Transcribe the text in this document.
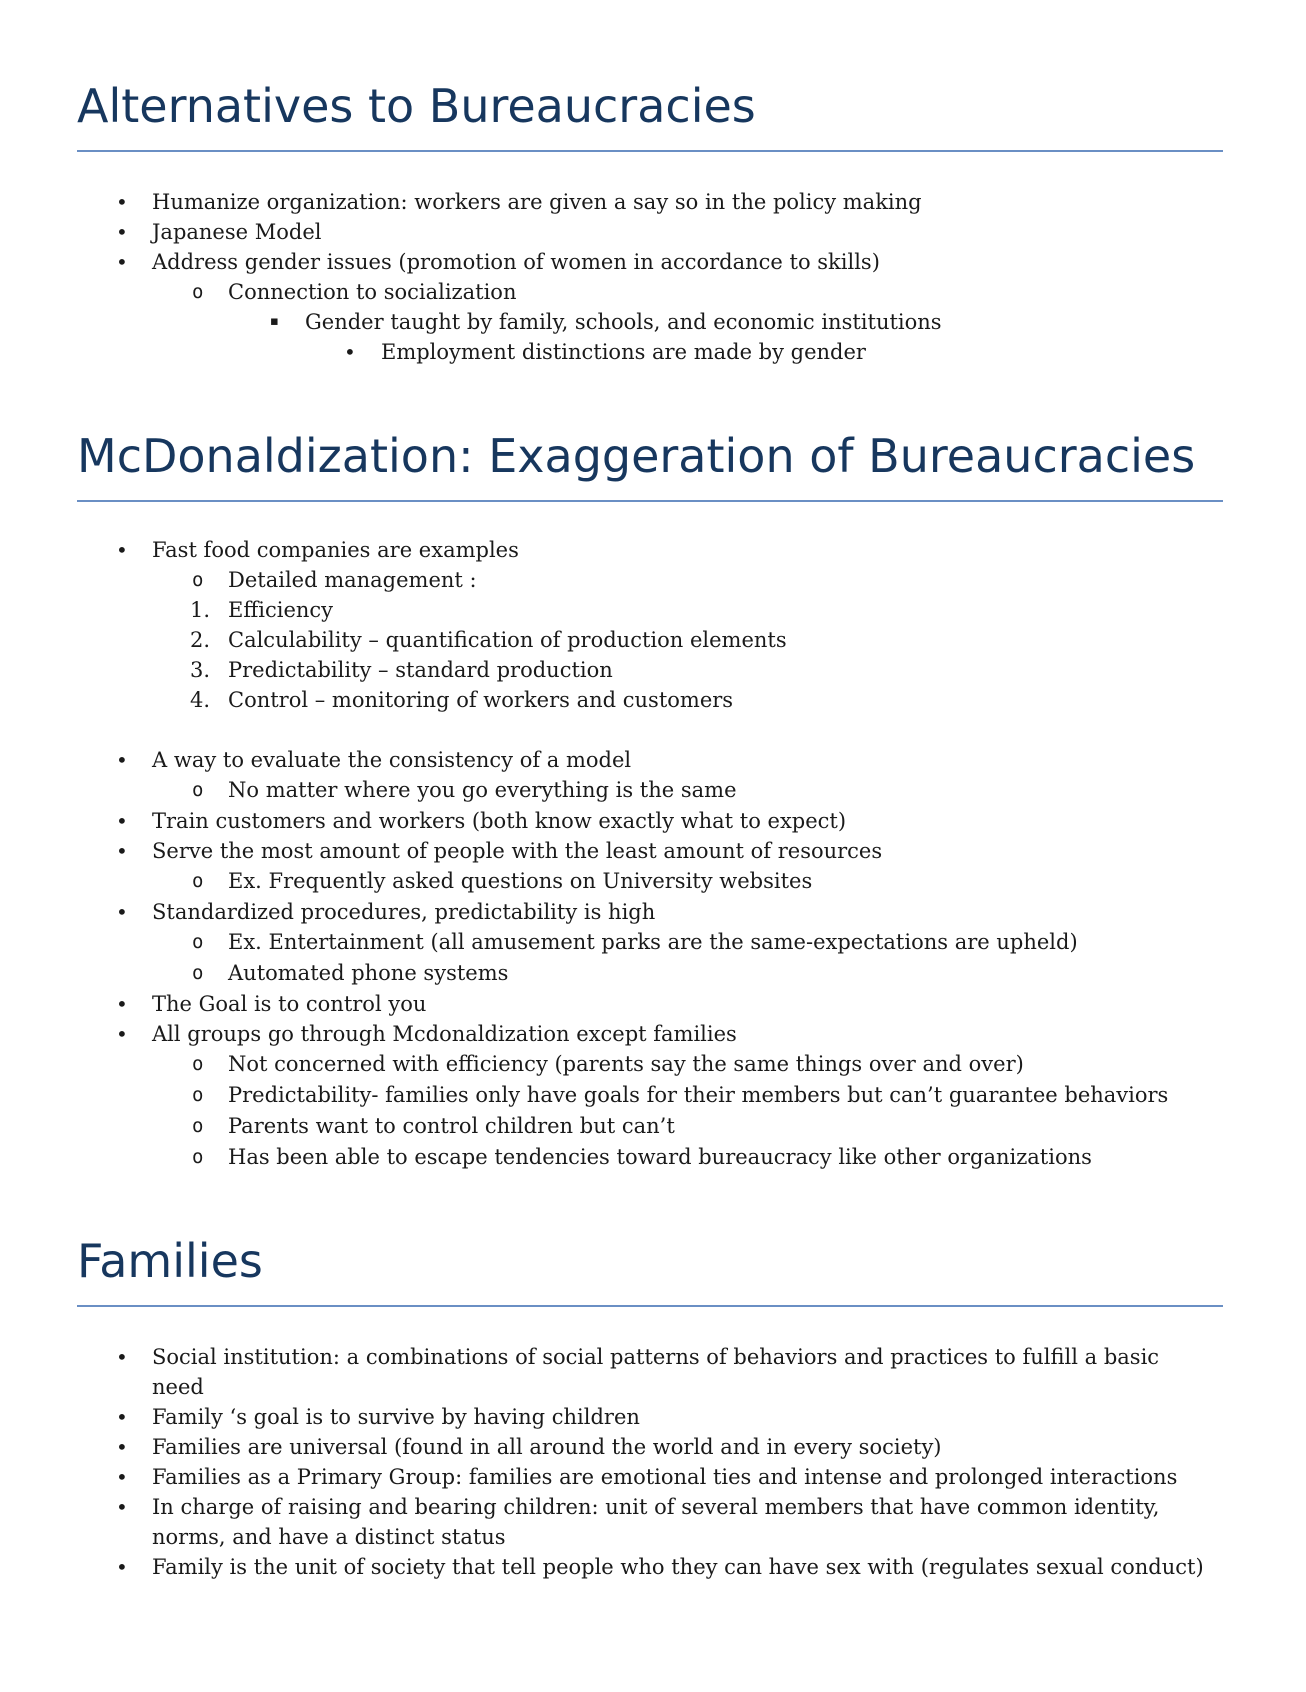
Alternatives to Bureaucracies
• Humanize organization: workers are given a say so in the policy making
• Japanese Model
• Address gender issues (promotion of women in accordance to skills)
o Connection to socialization
▪ Gender taught by family, schools, and economic institutions
• Employment distinctions are made by gender
McDonaldization: Exaggeration of Bureaucracies
• Fast food companies are examples
o Detailed management :
1. Efficiency
2. Calculability – quantification of production elements
3. Predictability – standard production
4. Control – monitoring of workers and customers
• A way to evaluate the consistency of a model
o No matter where you go everything is the same
• Train customers and workers (both know exactly what to expect)
• Serve the most amount of people with the least amount of resources
o Ex. Frequently asked questions on University websites
• Standardized procedures, predictability is high
o Ex. Entertainment (all amusement parks are the same-expectations are upheld)
o Automated phone systems
• The Goal is to control you
• All groups go through Mcdonaldization except families
o Not concerned with efficiency (parents say the same things over and over)
o Predictability- families only have goals for their members but can’t guarantee behaviors
o Parents want to control children but can’t
o Has been able to escape tendencies toward bureaucracy like other organizations
Families
• Social institution: a combinations of social patterns of behaviors and practices to fulfill a basic
need
• Family ‘s goal is to survive by having children
• Families are universal (found in all around the world and in every society)
• Families as a Primary Group: families are emotional ties and intense and prolonged interactions
• In charge of raising and bearing children: unit of several members that have common identity,
norms, and have a distinct status
• Family is the unit of society that tell people who they can have sex with (regulates sexual conduct)
